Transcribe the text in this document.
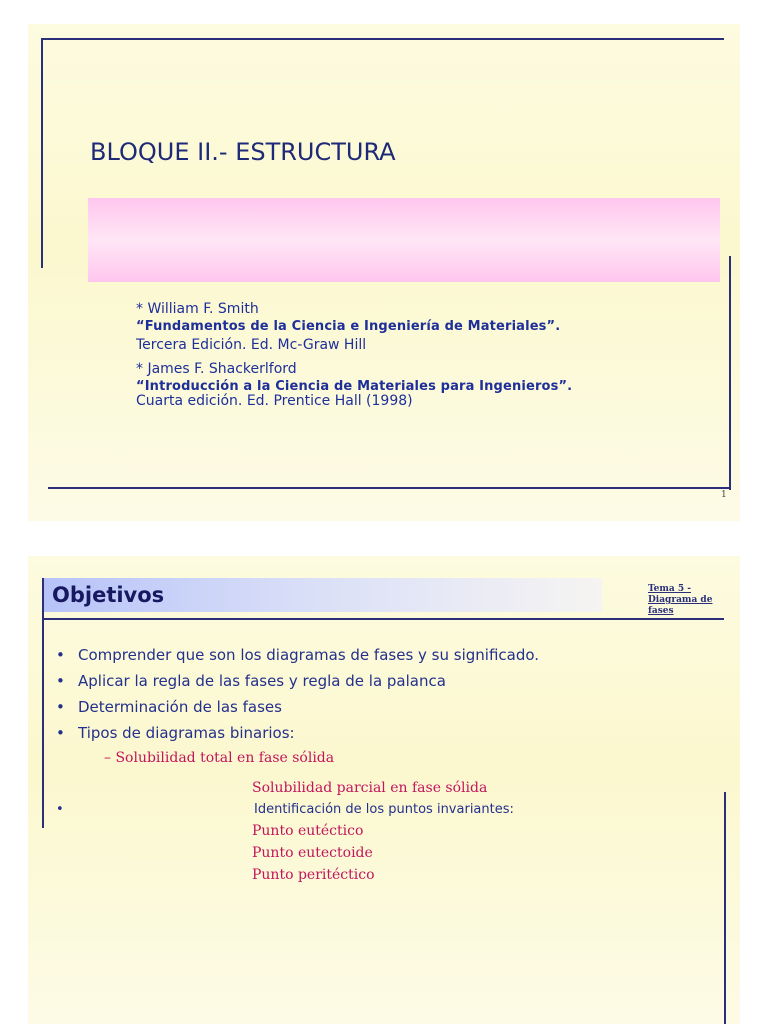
BLOQUE II.- ESTRUCTURA
* William F. Smith
“Fundamentos de la Ciencia e Ingeniería de Materiales”.
Tercera Edición. Ed. Mc-Graw Hill
* James F. Shackerlford
“Introducción a la Ciencia de Materiales para Ingenieros”.
Cuarta edición. Ed. Prentice Hall (1998)
1
Objetivos	Tema 5 -Diagrama de fases
• Comprender que son los diagramas de fases y su significado.
• Aplicar la regla de las fases y regla de la palanca
• Determinación de las fases
• Tipos de diagramas binarios:
– Solubilidad total en fase sólida
Solubilidad parcial en fase sólida
•	Identificación de los puntos invariantes:
Punto eutéctico
Punto eutectoide
Punto peritéctico
